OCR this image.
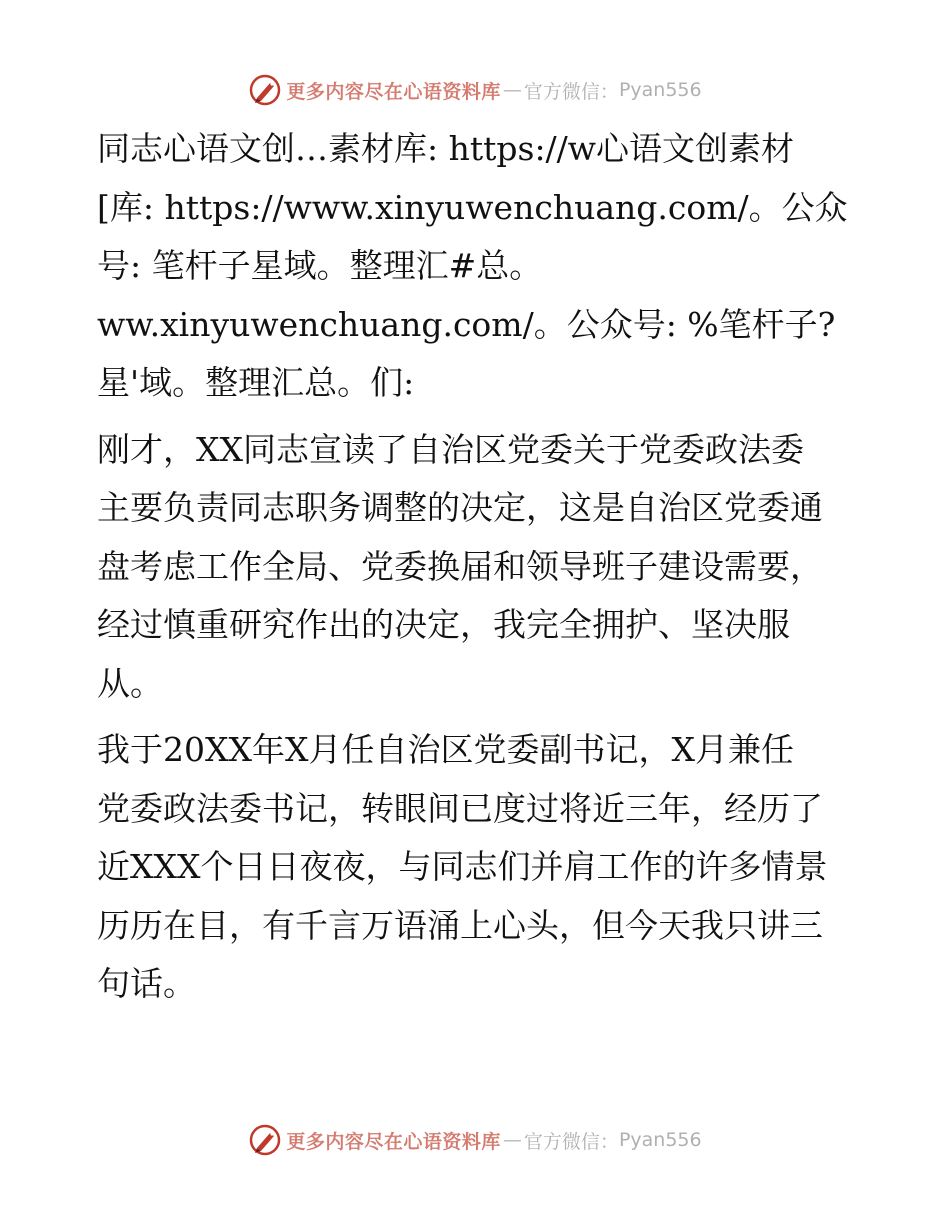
更多内容尽在心语资料库 — 官方微信： Pyan556
同志心语文创…素材库: https://w心语文创素材
[库: https://www.xinyuwenchuang.com/。公众
号: 笔杆子星域。整理汇#总。
ww.xinyuwenchuang.com/。公众号: %笔杆子?
星'域。整理汇总。们:
刚才，XX同志宣读了自治区党委关于党委政法委
主要负责同志职务调整的决定，这是自治区党委通
盘考虑工作全局、党委换届和领导班子建设需要，
经过慎重研究作出的决定，我完全拥护、坚决服
从。
我于20XX年X月任自治区党委副书记，X月兼任
党委政法委书记，转眼间已度过将近三年，经历了
近XXX个日日夜夜，与同志们并肩工作的许多情景
历历在目，有千言万语涌上心头，但今天我只讲三
句话。
更多内容尽在心语资料库 — 官方微信： Pyan556
